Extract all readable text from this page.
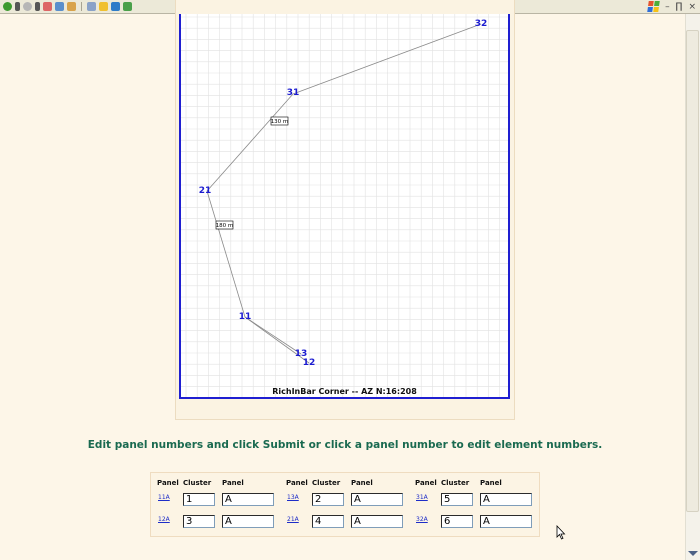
– ∏ ×
32
31
21
11
13
12
130 m
180 m
RichInBar Corner -- AZ N:16:208
Edit panel numbers and click Submit or click a panel number to edit element numbers.
Panel Cluster Panel
11A
1
A
12A
3
A
Panel Cluster Panel
13A
2
A
21A
4
A
Panel Cluster Panel
31A
5
A
32A
6
A
